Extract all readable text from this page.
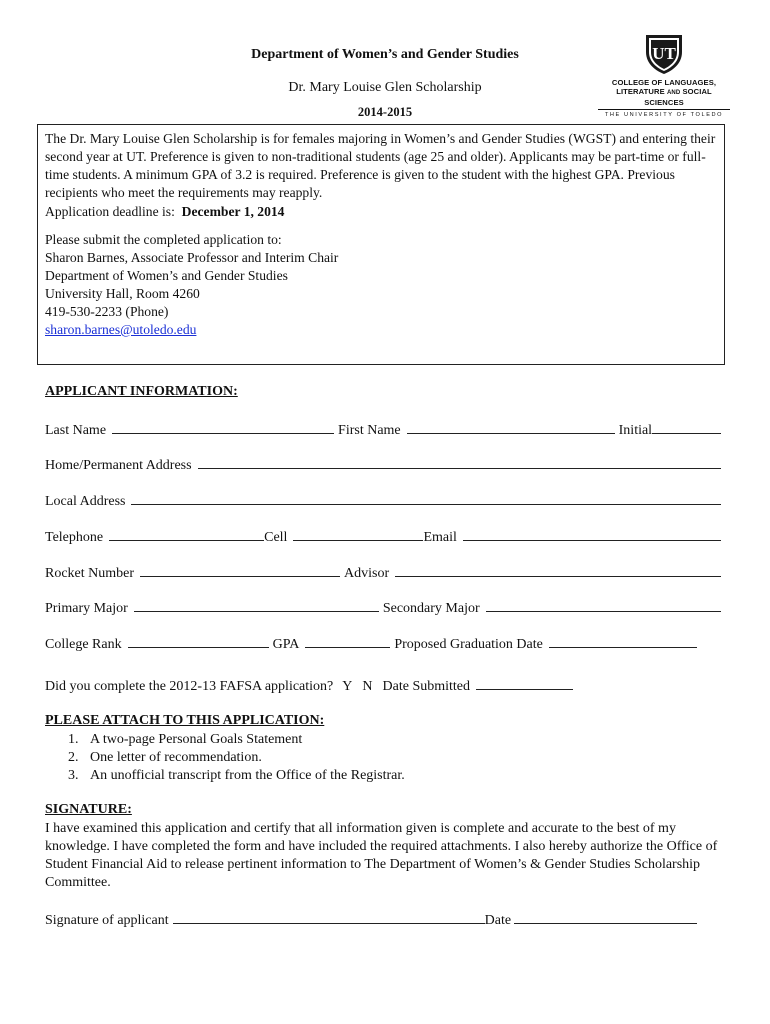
Department of Women’s and Gender Studies
Dr. Mary Louise Glen Scholarship
2014-2015
UT
COLLEGE OF LANGUAGES,
LITERATURE AND SOCIAL SCIENCES
THE UNIVERSITY OF TOLEDO

The Dr. Mary Louise Glen Scholarship is for females majoring in Women’s and Gender Studies (WGST) and entering their second year at UT. Preference is given to non-traditional students (age 25 and older). Applicants may be part-time or full-time students. A minimum GPA of 3.2 is required. Preference is given to the student with the highest GPA. Previous recipients who meet the requirements may reapply.

Application deadline is: December 1, 2014

Please submit the completed application to:

Sharon Barnes, Associate Professor and Interim Chair

Department of Women’s and Gender Studies

University Hall, Room 4260

419-530-2233 (Phone)

sharon.barnes@utoledo.edu

APPLICANT INFORMATION:
Last Name	First Name	Initial
Home/Permanent Address
Local Address
Telephone	Cell	Email
Rocket Number	Advisor
Primary Major	Secondary Major
College Rank	GPA	Proposed Graduation Date
Did you complete the 2012-13 FAFSA application? Y N Date Submitted
PLEASE ATTACH TO THIS APPLICATION:
1. A two-page Personal Goals Statement
2. One letter of recommendation.
3. An unofficial transcript from the Office of the Registrar.
SIGNATURE:
I have examined this application and certify that all information given is complete and accurate to the best of my knowledge. I have completed the form and have included the required attachments. I also hereby authorize the Office of Student Financial Aid to release pertinent information to The Department of Women’s & Gender Studies Scholarship Committee.
Signature of applicant	Date
